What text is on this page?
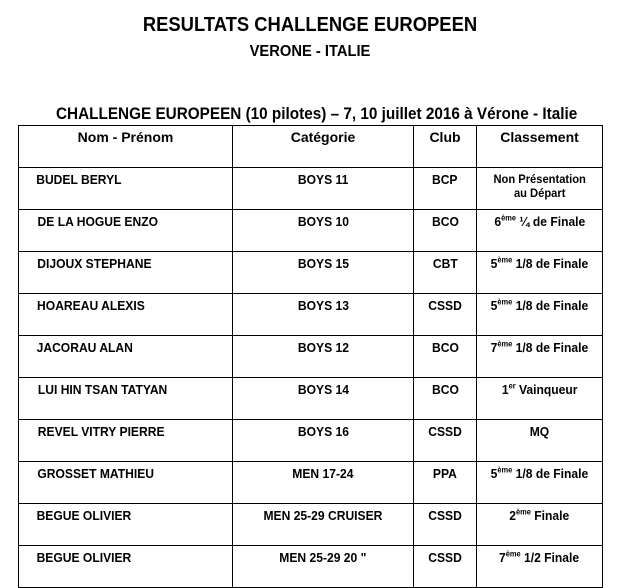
RESULTATS CHALLENGE EUROPEEN
VERONE - ITALIE
CHALLENGE EUROPEEN (10 pilotes) – 7, 10 juillet 2016 à Vérone - Italie
Nom - Prénom	Catégorie	Club	Classement
BUDEL BERYL	BOYS 11	BCP	Non Présentation
au Départ
DE LA HOGUE ENZO	BOYS 10	BCO	6ème ¼ de Finale
DIJOUX STEPHANE	BOYS 15	CBT	5ème 1/8 de Finale
HOAREAU ALEXIS	BOYS 13	CSSD	5ème 1/8 de Finale
JACORAU ALAN	BOYS 12	BCO	7ème 1/8 de Finale
LUI HIN TSAN TATYAN	BOYS 14	BCO	1er Vainqueur
REVEL VITRY PIERRE	BOYS 16	CSSD	MQ
GROSSET MATHIEU	MEN 17-24	PPA	5ème 1/8 de Finale
BEGUE OLIVIER	MEN 25-29 CRUISER	CSSD	2ème Finale
BEGUE OLIVIER	MEN 25-29 20 "	CSSD	7ème 1/2 Finale
